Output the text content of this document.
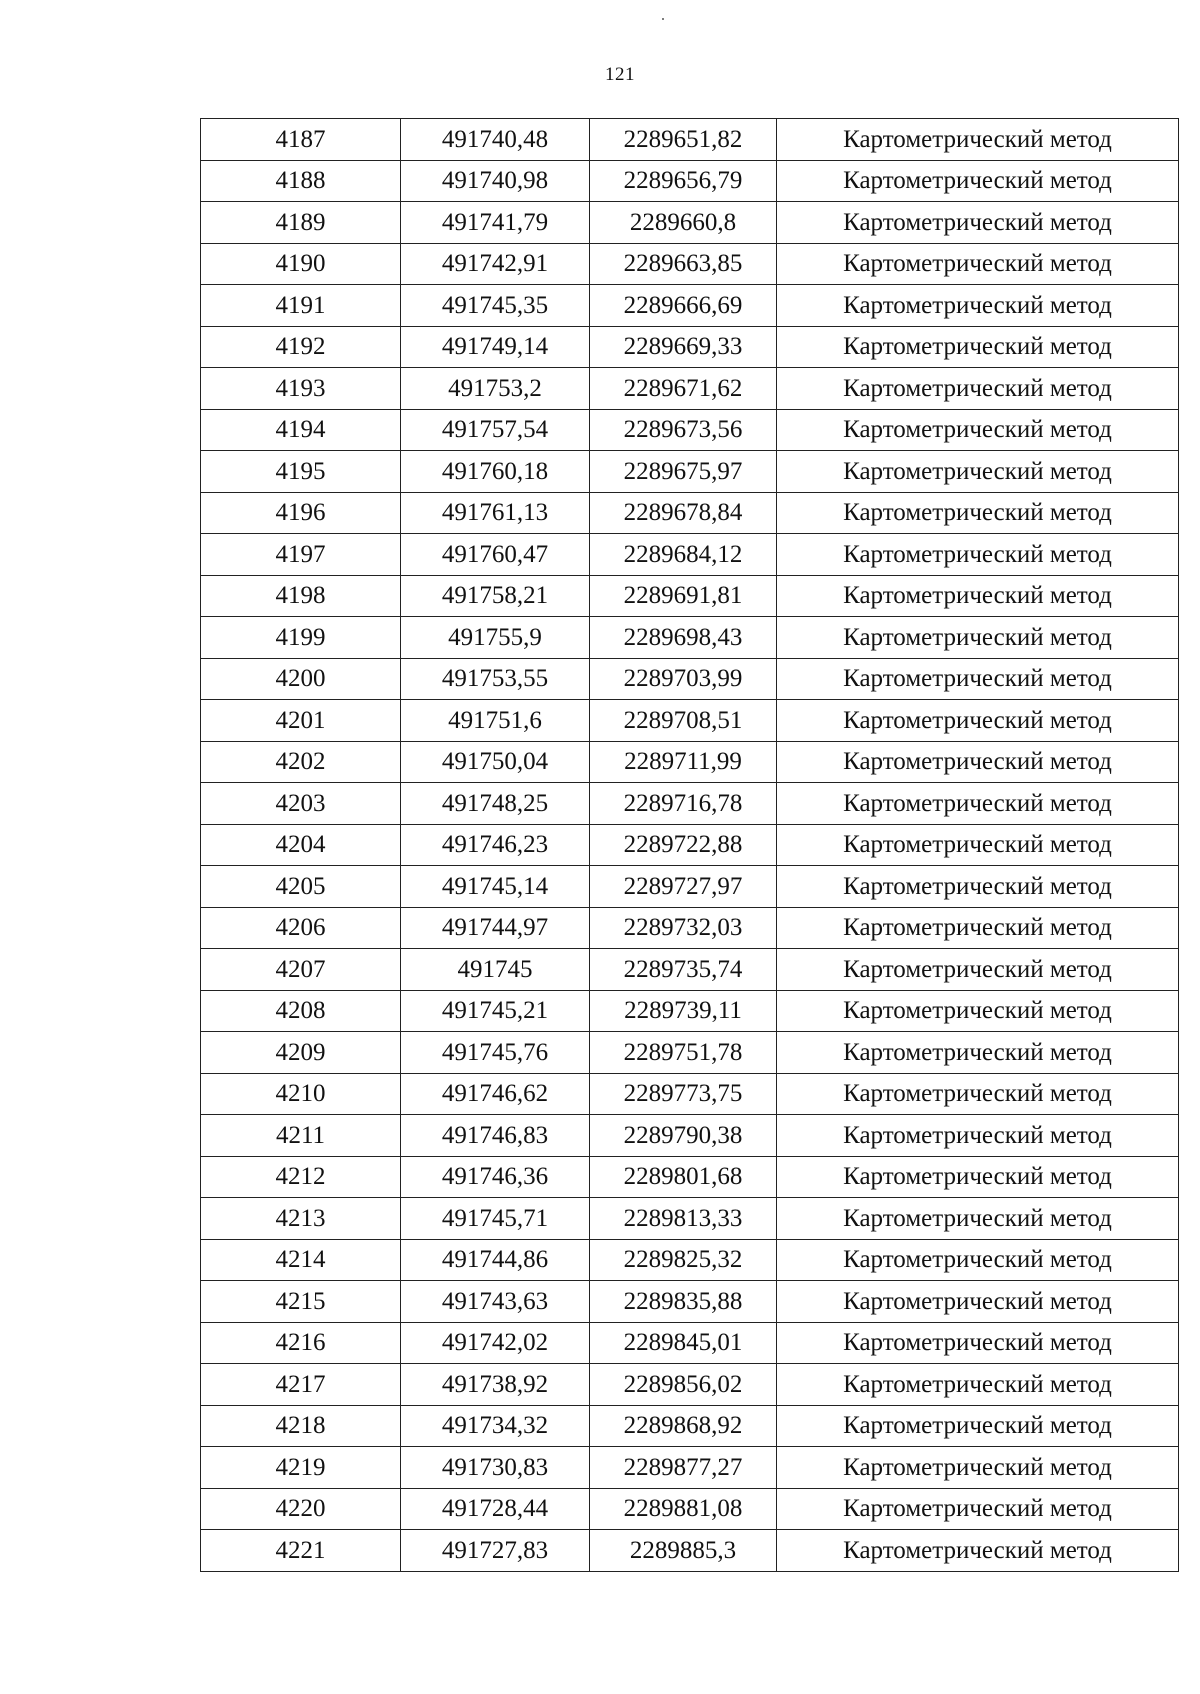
121
4187	491740,48	2289651,82	Картометрический метод
4188	491740,98	2289656,79	Картометрический метод
4189	491741,79	2289660,8	Картометрический метод
4190	491742,91	2289663,85	Картометрический метод
4191	491745,35	2289666,69	Картометрический метод
4192	491749,14	2289669,33	Картометрический метод
4193	491753,2	2289671,62	Картометрический метод
4194	491757,54	2289673,56	Картометрический метод
4195	491760,18	2289675,97	Картометрический метод
4196	491761,13	2289678,84	Картометрический метод
4197	491760,47	2289684,12	Картометрический метод
4198	491758,21	2289691,81	Картометрический метод
4199	491755,9	2289698,43	Картометрический метод
4200	491753,55	2289703,99	Картометрический метод
4201	491751,6	2289708,51	Картометрический метод
4202	491750,04	2289711,99	Картометрический метод
4203	491748,25	2289716,78	Картометрический метод
4204	491746,23	2289722,88	Картометрический метод
4205	491745,14	2289727,97	Картометрический метод
4206	491744,97	2289732,03	Картометрический метод
4207	491745	2289735,74	Картометрический метод
4208	491745,21	2289739,11	Картометрический метод
4209	491745,76	2289751,78	Картометрический метод
4210	491746,62	2289773,75	Картометрический метод
4211	491746,83	2289790,38	Картометрический метод
4212	491746,36	2289801,68	Картометрический метод
4213	491745,71	2289813,33	Картометрический метод
4214	491744,86	2289825,32	Картометрический метод
4215	491743,63	2289835,88	Картометрический метод
4216	491742,02	2289845,01	Картометрический метод
4217	491738,92	2289856,02	Картометрический метод
4218	491734,32	2289868,92	Картометрический метод
4219	491730,83	2289877,27	Картометрический метод
4220	491728,44	2289881,08	Картометрический метод
4221	491727,83	2289885,3	Картометрический метод
